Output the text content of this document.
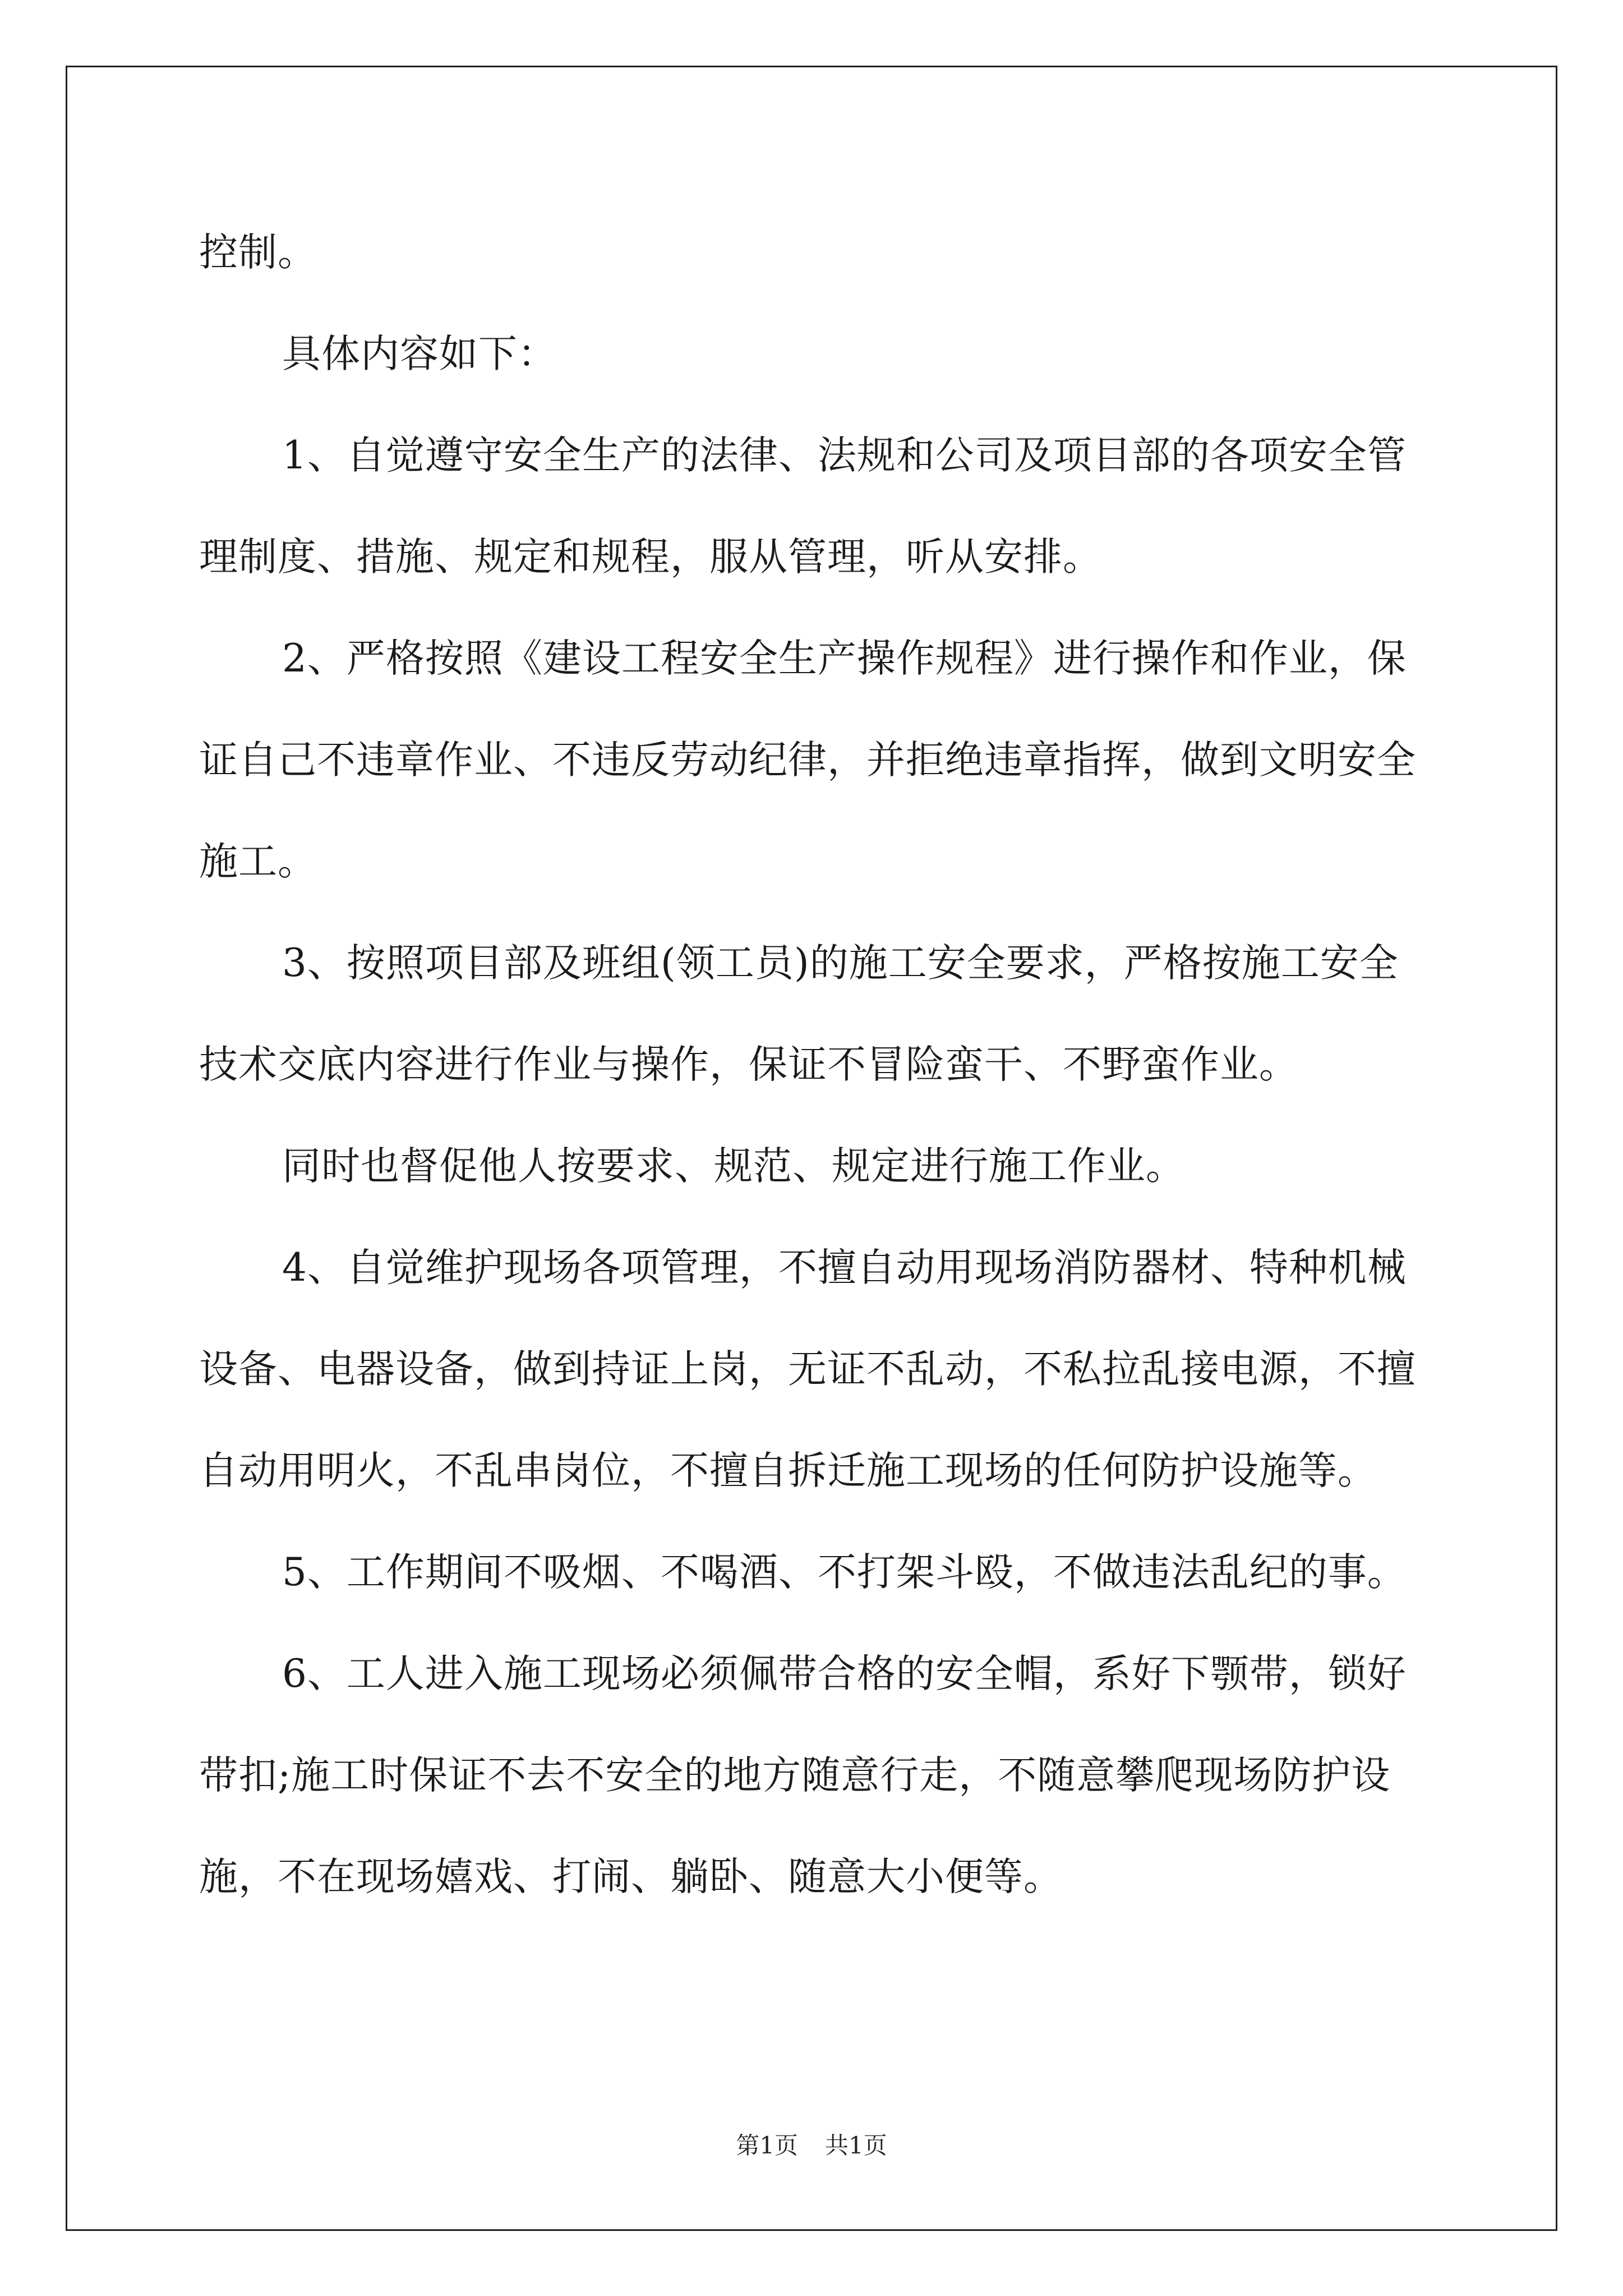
控制。

具体内容如下：

1、自觉遵守安全生产的法律、法规和公司及项目部的各项安全管理制度、措施、规定和规程，服从管理，听从安排。

2、严格按照《建设工程安全生产操作规程》进行操作和作业，保证自己不违章作业、不违反劳动纪律，并拒绝违章指挥，做到文明安全施工。

3、按照项目部及班组(领工员)的施工安全要求，严格按施工安全技术交底内容进行作业与操作，保证不冒险蛮干、不野蛮作业。

同时也督促他人按要求、规范、规定进行施工作业。

4、自觉维护现场各项管理，不擅自动用现场消防器材、特种机械设备、电器设备，做到持证上岗，无证不乱动，不私拉乱接电源，不擅自动用明火，不乱串岗位，不擅自拆迁施工现场的任何防护设施等。

5、工作期间不吸烟、不喝酒、不打架斗殴，不做违法乱纪的事。

6、工人进入施工现场必须佩带合格的安全帽，系好下颚带，锁好带扣;施工时保证不去不安全的地方随意行走，不随意攀爬现场防护设施，不在现场嬉戏、打闹、躺卧、随意大小便等。

第1页 共1页
